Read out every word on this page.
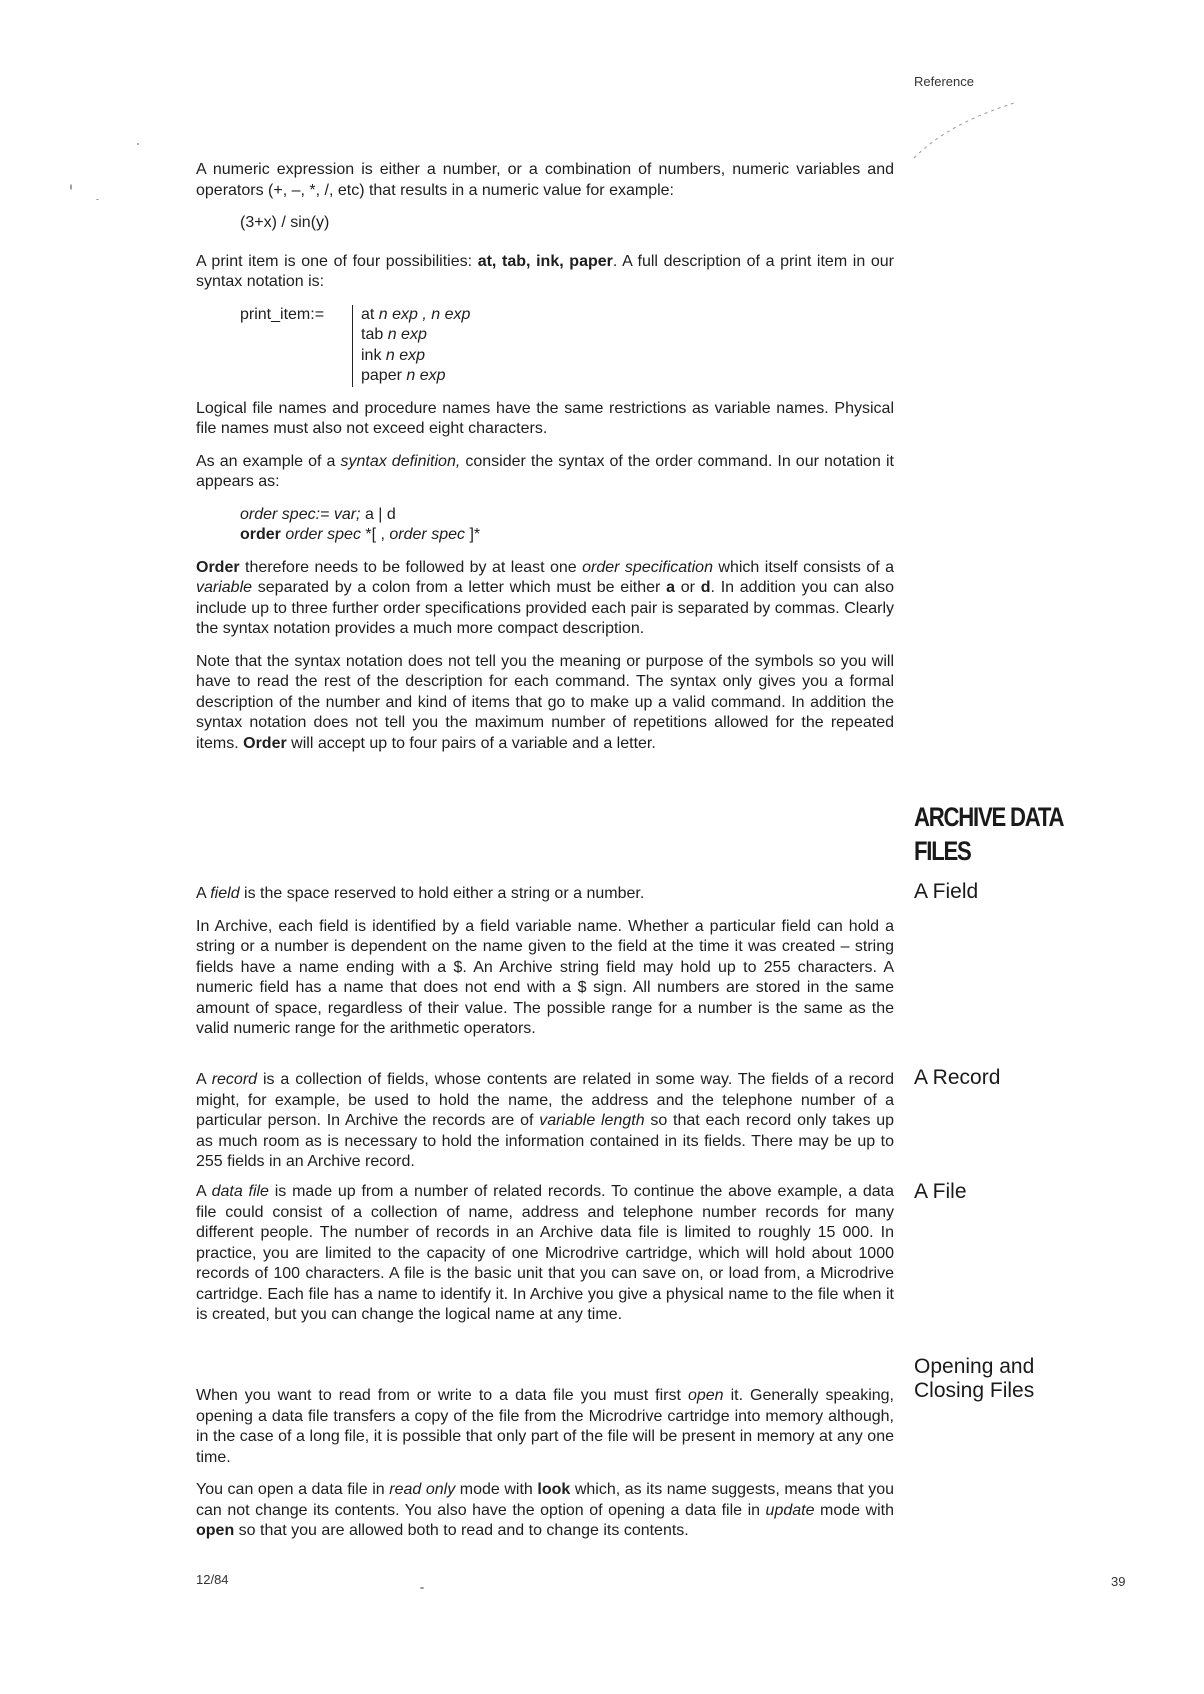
Reference

A numeric expression is either a number, or a combination of numbers, numeric variables and operators (+, –, *, /, etc) that results in a numeric value for example:

(3+x) / sin(y)

A print item is one of four possibilities: at, tab, ink, paper. A full description of a print item in our syntax notation is:

print_item:=	at n exp , n exp
tab n exp
ink n exp
paper n exp

Logical file names and procedure names have the same restrictions as variable names. Physical file names must also not exceed eight characters.

As an example of a syntax definition, consider the syntax of the order command. In our notation it appears as:

order spec:= var; a | d
order order spec *[ , order spec ]*

Order therefore needs to be followed by at least one order specification which itself consists of a variable separated by a colon from a letter which must be either a or d. In addition you can also include up to three further order specifications provided each pair is separated by commas. Clearly the syntax notation provides a much more compact description.

Note that the syntax notation does not tell you the meaning or purpose of the symbols so you will have to read the rest of the description for each command. The syntax only gives you a formal description of the number and kind of items that go to make up a valid command. In addition the syntax notation does not tell you the maximum number of repetitions allowed for the repeated items. Order will accept up to four pairs of a variable and a letter.

ARCHIVE DATA
FILES
A Field

A field is the space reserved to hold either a string or a number.

In Archive, each field is identified by a field variable name. Whether a particular field can hold a string or a number is dependent on the name given to the field at the time it was created – string fields have a name ending with a $. An Archive string field may hold up to 255 characters. A numeric field has a name that does not end with a $ sign. All numbers are stored in the same amount of space, regardless of their value. The possible range for a number is the same as the valid numeric range for the arithmetic operators.

A Record

A record is a collection of fields, whose contents are related in some way. The fields of a record might, for example, be used to hold the name, the address and the telephone number of a particular person. In Archive the records are of variable length so that each record only takes up as much room as is necessary to hold the information contained in its fields. There may be up to 255 fields in an Archive record.

A File

A data file is made up from a number of related records. To continue the above example, a data file could consist of a collection of name, address and telephone number records for many different people. The number of records in an Archive data file is limited to roughly 15 000. In practice, you are limited to the capacity of one Microdrive cartridge, which will hold about 1000 records of 100 characters. A file is the basic unit that you can save on, or load from, a Microdrive cartridge. Each file has a name to identify it. In Archive you give a physical name to the file when it is created, but you can change the logical name at any time.

Opening and
Closing Files

When you want to read from or write to a data file you must first open it. Generally speaking, opening a data file transfers a copy of the file from the Microdrive cartridge into memory although, in the case of a long file, it is possible that only part of the file will be present in memory at any one time.

You can open a data file in read only mode with look which, as its name suggests, means that you can not change its contents. You also have the option of opening a data file in update mode with open so that you are allowed both to read and to change its contents.

12/84	39
